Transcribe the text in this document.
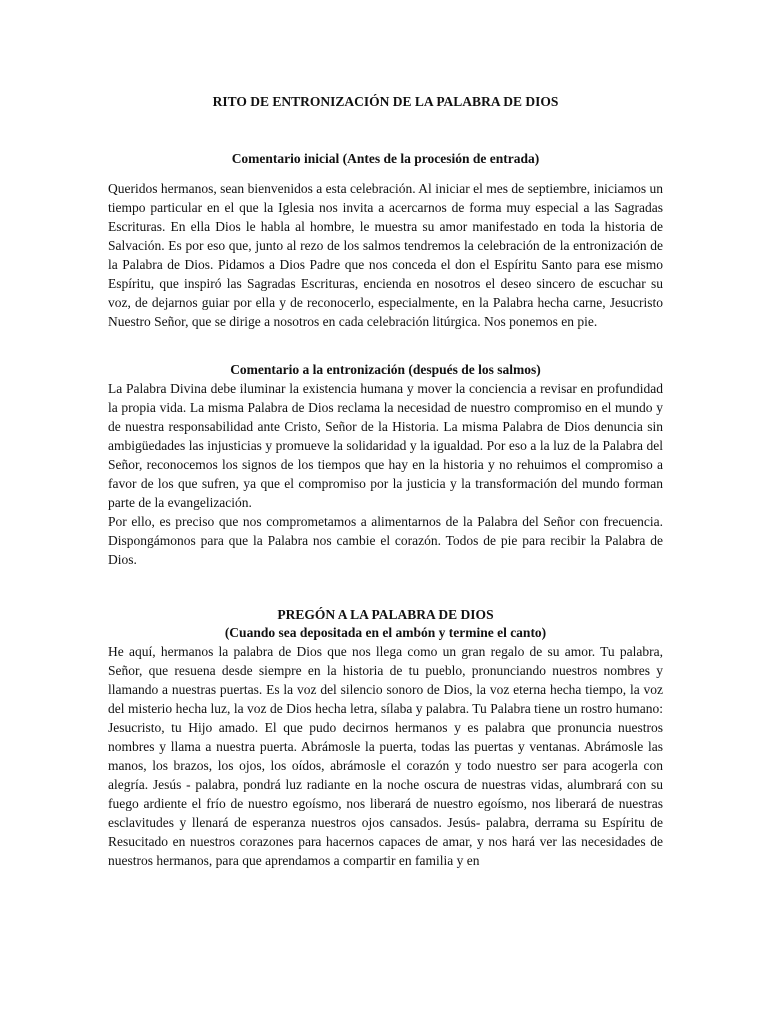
RITO DE ENTRONIZACIÓN DE LA PALABRA DE DIOS
Comentario inicial (Antes de la procesión de entrada)

Queridos hermanos, sean bienvenidos a esta celebración. Al iniciar el mes de septiembre, iniciamos un tiempo particular en el que la Iglesia nos invita a acercarnos de forma muy especial a las Sagradas Escrituras. En ella Dios le habla al hombre, le muestra su amor manifestado en toda la historia de Salvación. Es por eso que, junto al rezo de los salmos tendremos la celebración de la entronización de la Palabra de Dios. Pidamos a Dios Padre que nos conceda el don el Espíritu Santo para ese mismo Espíritu, que inspiró las Sagradas Escrituras, encienda en nosotros el deseo sincero de escuchar su voz, de dejarnos guiar por ella y de reconocerlo, especialmente, en la Palabra hecha carne, Jesucristo Nuestro Señor, que se dirige a nosotros en cada celebración litúrgica. Nos ponemos en pie.

Comentario a la entronización (después de los salmos)

La Palabra Divina debe iluminar la existencia humana y mover la conciencia a revisar en profundidad la propia vida. La misma Palabra de Dios reclama la necesidad de nuestro compromiso en el mundo y de nuestra responsabilidad ante Cristo, Señor de la Historia. La misma Palabra de Dios denuncia sin ambigüedades las injusticias y promueve la solidaridad y la igualdad. Por eso a la luz de la Palabra del Señor, reconocemos los signos de los tiempos que hay en la historia y no rehuimos el compromiso a favor de los que sufren, ya que el compromiso por la justicia y la transformación del mundo forman parte de la evangelización.

Por ello, es preciso que nos comprometamos a alimentarnos de la Palabra del Señor con frecuencia. Dispongámonos para que la Palabra nos cambie el corazón. Todos de pie para recibir la Palabra de Dios.

PREGÓN A LA PALABRA DE DIOS
(Cuando sea depositada en el ambón y termine el canto)

He aquí, hermanos la palabra de Dios que nos llega como un gran regalo de su amor. Tu palabra, Señor, que resuena desde siempre en la historia de tu pueblo, pronunciando nuestros nombres y llamando a nuestras puertas. Es la voz del silencio sonoro de Dios, la voz eterna hecha tiempo, la voz del misterio hecha luz, la voz de Dios hecha letra, sílaba y palabra. Tu Palabra tiene un rostro humano: Jesucristo, tu Hijo amado. El que pudo decirnos hermanos y es palabra que pronuncia nuestros nombres y llama a nuestra puerta. Abrámosle la puerta, todas las puertas y ventanas. Abrámosle las manos, los brazos, los ojos, los oídos, abrámosle el corazón y todo nuestro ser para acogerla con alegría. Jesús - palabra, pondrá luz radiante en la noche oscura de nuestras vidas, alumbrará con su fuego ardiente el frío de nuestro egoísmo, nos liberará de nuestro egoísmo, nos liberará de nuestras esclavitudes y llenará de esperanza nuestros ojos cansados. Jesús- palabra, derrama su Espíritu de Resucitado en nuestros corazones para hacernos capaces de amar, y nos hará ver las necesidades de nuestros hermanos, para que aprendamos a compartir en familia y en
